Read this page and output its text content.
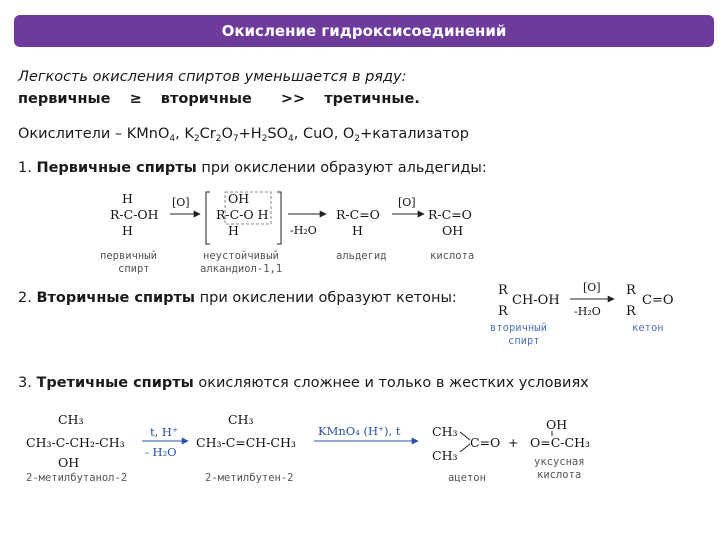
Окисление гидроксисоединений
Легкость окисления спиртов уменьшается в ряду:
первичные ≥ вторичные >> третичные.
Окислители – KMnO$_4$, $K_2Cr_2O_7+H_2SO_4$, CuO, $O_2+катализатор$
1. Первичные спирты при окислении образуют альдегиды:
H
R-C-OH
H
первичный
спирт
[O]	OH
R-C-O H
H
неустойчивый
алкандиол-1,1
-H₂O
R-C=O
H
альдегид
[O]
R-C=O
OH
кислота
2. Вторичные спирты при окислении образуют кетоны:	R
CH-OH
R
[O]
-H₂O
R
C=O
R
вторичный
спирт
кетон
3. Третичные спирты окисляются сложнее и только в жестких условиях
CH₃
CH₃-C-CH₂-CH₃
OH
2-метилбутанол-2
t, H⁺
- H₂O
CH₃
CH₃-C=CH-CH₃
2-метилбутен-2
KMnO₄ (H⁺), t	CH₃
C=O
CH₃
ацетон
+
OH
O=C-CH₃
уксусная
кислота
